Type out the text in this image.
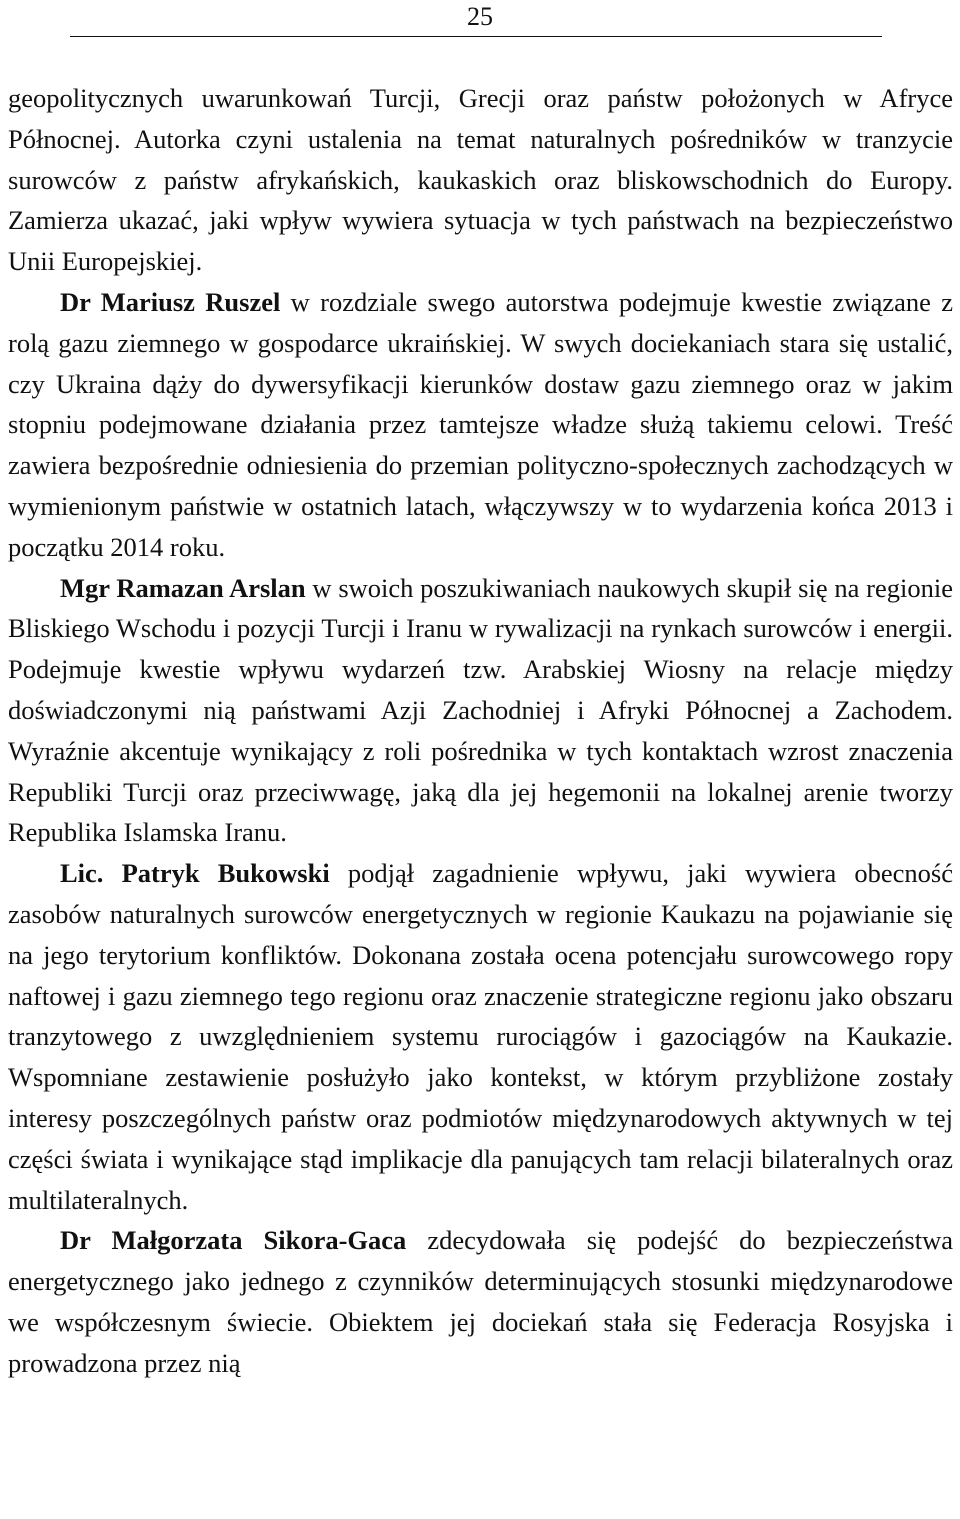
25

geopolitycznych uwarunkowań Turcji, Grecji oraz państw położonych w Afryce Północnej. Autorka czyni ustalenia na temat naturalnych pośredników w tranzycie surowców z państw afrykańskich, kaukaskich oraz bliskowschodnich do Europy. Zamierza ukazać, jaki wpływ wywiera sytuacja w tych państwach na bezpieczeństwo Unii Europejskiej.

Dr Mariusz Ruszel w rozdziale swego autorstwa podejmuje kwestie związane z rolą gazu ziemnego w gospodarce ukraińskiej. W swych dociekaniach stara się ustalić, czy Ukraina dąży do dywersyfikacji kierunków dostaw gazu ziemnego oraz w jakim stopniu podejmowane działania przez tamtejsze władze służą takiemu celowi. Treść zawiera bezpośrednie odniesienia do przemian polityczno-społecznych zachodzących w wymienionym państwie w ostatnich latach, włączywszy w to wydarzenia końca 2013 i początku 2014 roku.

Mgr Ramazan Arslan w swoich poszukiwaniach naukowych skupił się na regionie Bliskiego Wschodu i pozycji Turcji i Iranu w rywalizacji na rynkach surowców i energii. Podejmuje kwestie wpływu wydarzeń tzw. Arabskiej Wiosny na relacje między doświadczonymi nią państwami Azji Zachodniej i Afryki Północnej a Zachodem. Wyraźnie akcentuje wynikający z roli pośrednika w tych kontaktach wzrost znaczenia Republiki Turcji oraz przeciwwagę, jaką dla jej hegemonii na lokalnej arenie tworzy Republika Islamska Iranu.

Lic. Patryk Bukowski podjął zagadnienie wpływu, jaki wywiera obecność zasobów naturalnych surowców energetycznych w regionie Kaukazu na pojawianie się na jego terytorium konfliktów. Dokonana została ocena potencjału surowcowego ropy naftowej i gazu ziemnego tego regionu oraz znaczenie strategiczne regionu jako obszaru tranzytowego z uwzględnieniem systemu rurociągów i gazociągów na Kaukazie. Wspomniane zestawienie posłużyło jako kontekst, w którym przybliżone zostały interesy poszczególnych państw oraz podmiotów międzynarodowych aktywnych w tej części świata i wynikające stąd implikacje dla panujących tam relacji bilateralnych oraz multilateralnych.

Dr Małgorzata Sikora-Gaca zdecydowała się podejść do bezpieczeństwa energetycznego jako jednego z czynników determinujących stosunki międzynarodowe we współczesnym świecie. Obiektem jej dociekań stała się Federacja Rosyjska i prowadzona przez nią
